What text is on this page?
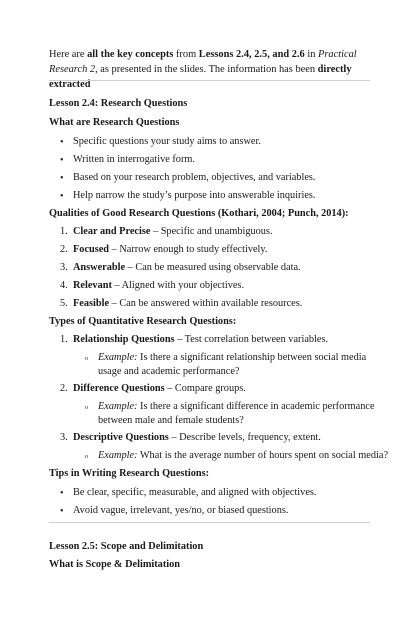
Here are all the key concepts from Lessons 2.4, 2.5, and 2.6 in Practical Research 2, as presented in the slides. The information has been directly extracted
Lesson 2.4: Research Questions
What are Research Questions
• Specific questions your study aims to answer.
• Written in interrogative form.
• Based on your research problem, objectives, and variables.
• Help narrow the study’s purpose into answerable inquiries.
Qualities of Good Research Questions (Kothari, 2004; Punch, 2014):
1. Clear and Precise – Specific and unambiguous.
2. Focused – Narrow enough to study effectively.
3. Answerable – Can be measured using observable data.
4. Relevant – Aligned with your objectives.
5. Feasible – Can be answered within available resources.
Types of Quantitative Research Questions:
1. Relationship Questions – Test correlation between variables.
o Example: Is there a significant relationship between social media
usage and academic performance?
2. Difference Questions – Compare groups.
o Example: Is there a significant difference in academic performance
between male and female students?
3. Descriptive Questions – Describe levels, frequency, extent.
o Example: What is the average number of hours spent on social media?
Tips in Writing Research Questions:
• Be clear, specific, measurable, and aligned with objectives.
• Avoid vague, irrelevant, yes/no, or biased questions.
Lesson 2.5: Scope and Delimitation
What is Scope & Delimitation
